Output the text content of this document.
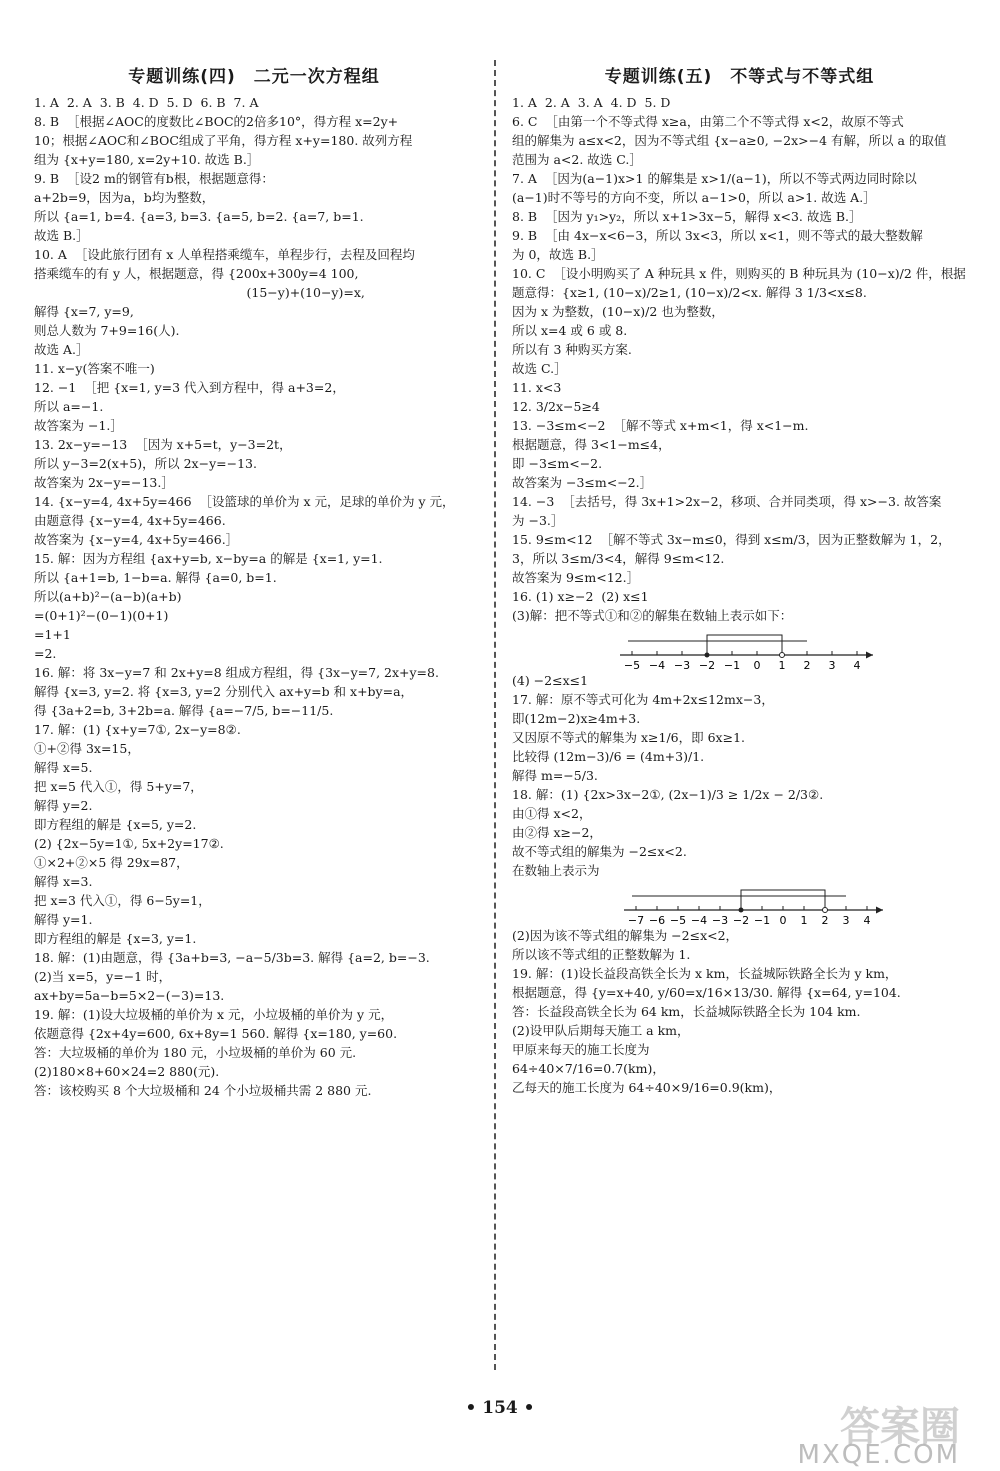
专题训练(四)　二元一次方程组
1. A  2. A  3. B  4. D  5. D  6. B  7. A
8. B  ［根据∠AOC的度数比∠BOC的2倍多10°，得方程 x=2y+
10；根据∠AOC和∠BOC组成了平角，得方程 x+y=180. 故列方程
组为 {x+y=180, x=2y+10. 故选 B.］
9. B  ［设2 m的钢管有b根，根据题意得：
a+2b=9，因为a，b均为整数，
所以 {a=1, b=4. {a=3, b=3. {a=5, b=2. {a=7, b=1.
故选 B.］
10. A  ［设此旅行团有 x 人单程搭乘缆车，单程步行，去程及回程均
搭乘缆车的有 y 人，根据题意，得 {200x+300y=4 100,
　　　　　　　　　　　　　　　　　(15−y)+(10−y)=x,
解得 {x=7, y=9,
则总人数为 7+9=16(人).
故选 A.］
11. x−y(答案不唯一)
12. −1  ［把 {x=1, y=3 代入到方程中，得 a+3=2，
所以 a=−1.
故答案为 −1.］
13. 2x−y=−13  ［因为 x+5=t，y−3=2t，
所以 y−3=2(x+5)，所以 2x−y=−13.
故答案为 2x−y=−13.］
14. {x−y=4, 4x+5y=466  ［设篮球的单价为 x 元，足球的单价为 y 元，
由题意得 {x−y=4, 4x+5y=466.
故答案为 {x−y=4, 4x+5y=466.］
15. 解：因为方程组 {ax+y=b, x−by=a 的解是 {x=1, y=1.
所以 {a+1=b, 1−b=a. 解得 {a=0, b=1.
所以(a+b)²−(a−b)(a+b)
=(0+1)²−(0−1)(0+1)
=1+1
=2.
16. 解：将 3x−y=7 和 2x+y=8 组成方程组，得 {3x−y=7, 2x+y=8.
解得 {x=3, y=2. 将 {x=3, y=2 分别代入 ax+y=b 和 x+by=a，
得 {3a+2=b, 3+2b=a. 解得 {a=−7/5, b=−11/5.
17. 解：(1) {x+y=7①, 2x−y=8②.
①+②得 3x=15，
解得 x=5.
把 x=5 代入①，得 5+y=7，
解得 y=2.
即方程组的解是 {x=5, y=2.
(2) {2x−5y=1①, 5x+2y=17②.
①×2+②×5 得 29x=87，
解得 x=3.
把 x=3 代入①，得 6−5y=1，
解得 y=1.
即方程组的解是 {x=3, y=1.
18. 解：(1)由题意，得 {3a+b=3, −a−5/3b=3. 解得 {a=2, b=−3.
(2)当 x=5，y=−1 时，
ax+by=5a−b=5×2−(−3)=13.
19. 解：(1)设大垃圾桶的单价为 x 元，小垃圾桶的单价为 y 元，
依题意得 {2x+4y=600, 6x+8y=1 560. 解得 {x=180, y=60.
答：大垃圾桶的单价为 180 元，小垃圾桶的单价为 60 元.
(2)180×8+60×24=2 880(元).
答：该校购买 8 个大垃圾桶和 24 个小垃圾桶共需 2 880 元.
专题训练(五)　不等式与不等式组
1. A  2. A  3. A  4. D  5. D
6. C  ［由第一个不等式得 x≥a，由第二个不等式得 x<2，故原不等式
组的解集为 a≤x<2，因为不等式组 {x−a≥0, −2x>−4 有解，所以 a 的取值
范围为 a<2. 故选 C.］
7. A  ［因为(a−1)x>1 的解集是 x>1/(a−1)，所以不等式两边同时除以
(a−1)时不等号的方向不变，所以 a−1>0，所以 a>1. 故选 A.］
8. B  ［因为 y₁>y₂，所以 x+1>3x−5，解得 x<3. 故选 B.］
9. B  ［由 4x−x<6−3，所以 3x<3，所以 x<1，则不等式的最大整数解
为 0，故选 B.］
10. C  ［设小明购买了 A 种玩具 x 件，则购买的 B 种玩具为 (10−x)/2 件，根据
题意得：{x≥1, (10−x)/2≥1, (10−x)/2<x. 解得 3 1/3<x≤8.
因为 x 为整数，(10−x)/2 也为整数，
所以 x=4 或 6 或 8.
所以有 3 种购买方案.
故选 C.］
11. x<3
12. 3/2x−5≥4
13. −3≤m<−2  ［解不等式 x+m<1，得 x<1−m.
根据题意，得 3<1−m≤4，
即 −3≤m<−2.
故答案为 −3≤m<−2.］
14. −3  ［去括号，得 3x+1>2x−2，移项、合并同类项，得 x>−3. 故答案
为 −3.］
15. 9≤m<12  ［解不等式 3x−m≤0，得到 x≤m/3，因为正整数解为 1，2，
3，所以 3≤m/3<4，解得 9≤m<12.
故答案为 9≤m<12.］
16. (1) x≥−2  (2) x≤1
(3)解：把不等式①和②的解集在数轴上表示如下：
−5 −4 −3 −2 −1 0 1 2 3 4
(4) −2≤x≤1
17. 解：原不等式可化为 4m+2x≤12mx−3，
即(12m−2)x≥4m+3.
又因原不等式的解集为 x≥1/6，即 6x≥1.
比较得 (12m−3)/6 = (4m+3)/1.
解得 m=−5/3.
18. 解：(1) {2x>3x−2①, (2x−1)/3 ≥ 1/2x − 2/3②.
由①得 x<2，
由②得 x≥−2，
故不等式组的解集为 −2≤x<2.
在数轴上表示为
−7 −6 −5 −4 −3 −2 −1 0 1 2 3 4
(2)因为该不等式组的解集为 −2≤x<2，
所以该不等式组的正整数解为 1.
19. 解：(1)设长益段高铁全长为 x km，长益城际铁路全长为 y km，
根据题意，得 {y=x+40, y/60=x/16×13/30. 解得 {x=64, y=104.
答：长益段高铁全长为 64 km，长益城际铁路全长为 104 km.
(2)设甲队后期每天施工 a km，
甲原来每天的施工长度为
64÷40×7/16=0.7(km)，
乙每天的施工长度为 64÷40×9/16=0.9(km)，
• 154 •	答案圈
MXQE.COM
